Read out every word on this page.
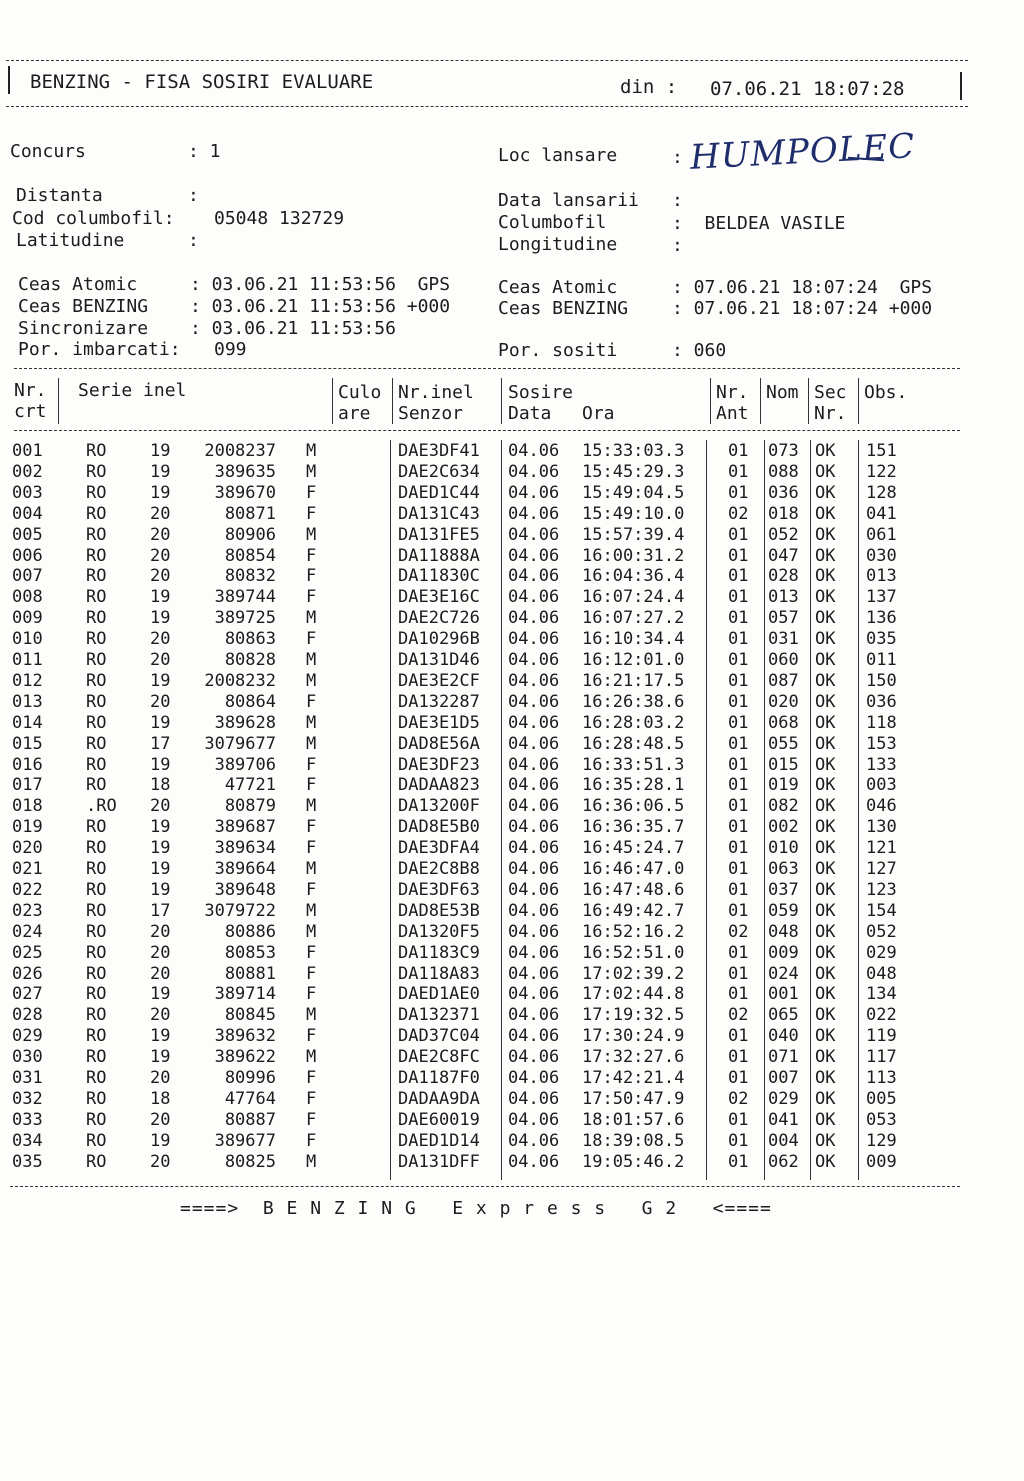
BENZING - FISA SOSIRI EVALUARE	din : 07.06.21 18:07:28
Concurs	: 1	Loc lansare	: HUMPOLEC
Distanta	:	Data lansarii :
Cod columbofil: 05048 132729	Columbofil	:  BELDEA VASILE
Latitudine	:	Longitudine	:
Ceas Atomic	: 03.06.21 11:53:56  GPS	Ceas Atomic	: 07.06.21 18:07:24  GPS
Ceas BENZING : 03.06.21 11:53:56 +000	Ceas BENZING : 07.06.21 18:07:24 +000
Sincronizare : 03.06.21 11:53:56
Por. imbarcati: 099	Por. sositi	: 060
Nr.
crt
Serie inel	Culo
are
Nr.inel
Senzor
Sosire
Data Ora
Nr.
Ant
Nom Sec
Nr.
Obs.
001	RO	19	2008237 M	DAE3DF41	04.06	15:33:03.3	01	073 OK	151
002	RO	19	389635 M	DAE2C634	04.06	15:45:29.3	01	088 OK	122
003	RO	19	389670 F	DAED1C44	04.06	15:49:04.5	01	036 OK	128
004	RO	20	80871 F	DA131C43	04.06	15:49:10.0	02	018 OK	041
005	RO	20	80906 M	DA131FE5	04.06	15:57:39.4	01	052 OK	061
006	RO	20	80854 F	DA11888A	04.06	16:00:31.2	01	047 OK	030
007	RO	20	80832 F	DA11830C	04.06	16:04:36.4	01	028 OK	013
008	RO	19	389744 F	DAE3E16C	04.06	16:07:24.4	01	013 OK	137
009	RO	19	389725 M	DAE2C726	04.06	16:07:27.2	01	057 OK	136
010	RO	20	80863 F	DA10296B	04.06	16:10:34.4	01	031 OK	035
011	RO	20	80828 M	DA131D46	04.06	16:12:01.0	01	060 OK	011
012	RO	19	2008232 M	DAE3E2CF	04.06	16:21:17.5	01	087 OK	150
013	RO	20	80864 F	DA132287	04.06	16:26:38.6	01	020 OK	036
014	RO	19	389628 M	DAE3E1D5	04.06	16:28:03.2	01	068 OK	118
015	RO	17	3079677 M	DAD8E56A	04.06	16:28:48.5	01	055 OK	153
016	RO	19	389706 F	DAE3DF23	04.06	16:33:51.3	01	015 OK	133
017	RO	18	47721 F	DADAA823	04.06	16:35:28.1	01	019 OK	003
018	.RO	20	80879 M	DA13200F	04.06	16:36:06.5	01	082 OK	046
019	RO	19	389687 F	DAD8E5B0	04.06	16:36:35.7	01	002 OK	130
020	RO	19	389634 F	DAE3DFA4	04.06	16:45:24.7	01	010 OK	121
021	RO	19	389664 M	DAE2C8B8	04.06	16:46:47.0	01	063 OK	127
022	RO	19	389648 F	DAE3DF63	04.06	16:47:48.6	01	037 OK	123
023	RO	17	3079722 M	DAD8E53B	04.06	16:49:42.7	01	059 OK	154
024	RO	20	80886 M	DA1320F5	04.06	16:52:16.2	02	048 OK	052
025	RO	20	80853 F	DA1183C9	04.06	16:52:51.0	01	009 OK	029
026	RO	20	80881 F	DA118A83	04.06	17:02:39.2	01	024 OK	048
027	RO	19	389714 F	DAED1AE0	04.06	17:02:44.8	01	001 OK	134
028	RO	20	80845 M	DA132371	04.06	17:19:32.5	02	065 OK	022
029	RO	19	389632 F	DAD37C04	04.06	17:30:24.9	01	040 OK	119
030	RO	19	389622 M	DAE2C8FC	04.06	17:32:27.6	01	071 OK	117
031	RO	20	80996 F	DA1187F0	04.06	17:42:21.4	01	007 OK	113
032	RO	18	47764 F	DADAA9DA	04.06	17:50:47.9	02	029 OK	005
033	RO	20	80887 F	DAE60019	04.06	18:01:57.6	01	041 OK	053
034	RO	19	389677 F	DAED1D14	04.06	18:39:08.5	01	004 OK	129
035	RO	20	80825 M	DA131DFF	04.06	19:05:46.2	01	062 OK	009
====>  B E N Z I N G   E x p r e s s   G 2   <====
